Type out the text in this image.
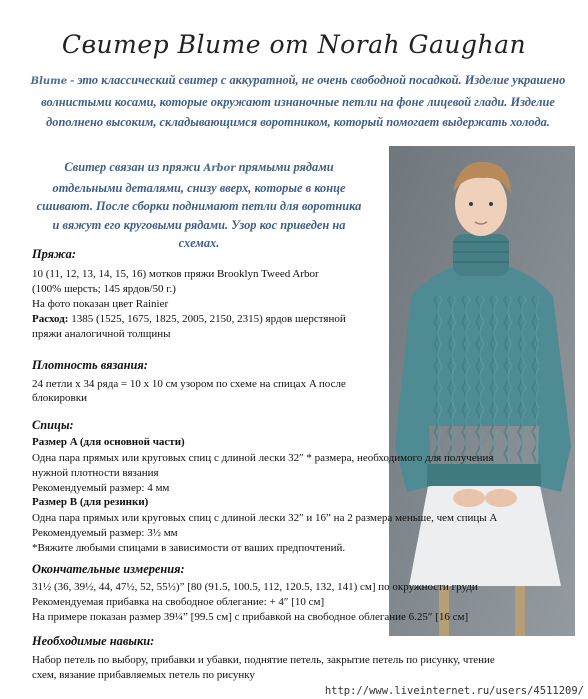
Свитер Blume от Norah Gaughan
Blume - это классический свитер с аккуратной, не очень свободной посадкой. Изделие украшено волнистыми косами, которые окружают изнаночные петли на фоне лицевой глади. Изделие дополнено высоким, складывающимся воротником, который помогает выдержать холода.
Свитер связан из пряжи Arbor прямыми рядами отдельными деталями, снизу вверх, которые в конце сшивают. После сборки поднимают петли для воротника и вяжут его круговыми рядами. Узор кос приведен на схемах.
Пряжа:
10 (11, 12, 13, 14, 15, 16) мотков пряжи Brooklyn Tweed Arbor
(100% шерсть; 145 ярдов/50 г.)
На фото показан цвет Rainier
Расход: 1385 (1525, 1675, 1825, 2005, 2150, 2315) ярдов шерстяной
пряжи аналогичной толщины
Плотность вязания:
24 петли х 34 ряда = 10 х 10 см узором по схеме на спицах A после
блокировки
Спицы:
Размер A (для основной части)
Одна пара прямых или круговых спиц с длиной лески 32″ * размера, необходимого для получения
нужной плотности вязания
Рекомендуемый размер: 4 мм
Размер B (для резинки)
Одна пара прямых или круговых спиц с длиной лески 32″ и 16” на 2 размера меньше, чем спицы A
Рекомендуемый размер: 3½ мм
*Вяжите любыми спицами в зависимости от ваших предпочтений.
Окончательные измерения:
31½ (36, 39½, 44, 47½, 52, 55½)” [80 (91.5, 100.5, 112, 120.5, 132, 141) см] по окружности груди
Рекомендуемая прибавка на свободное облегание: + 4″ [10 см]
На примере показан размер 39¼” [99.5 см] с прибавкой на свободное облегание 6.25″ [16 см]
Необходимые навыки:
Набор петель по выбору, прибавки и убавки, поднятие петель, закрытие петель по рисунку, чтение
схем, вязание прибавляемых петель по рисунку
http://www.liveinternet.ru/users/4511209/
